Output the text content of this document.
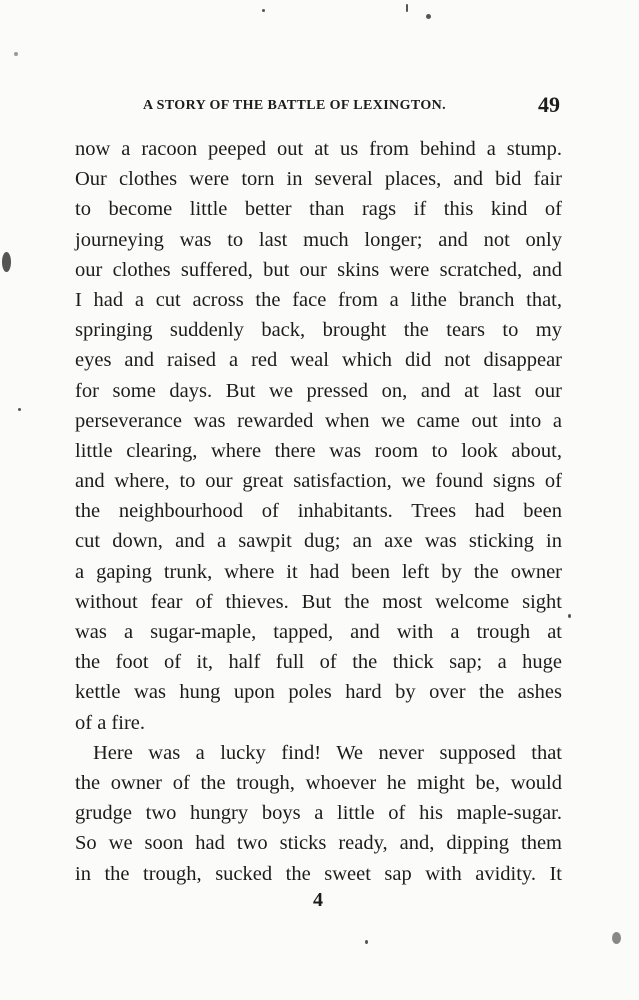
A STORY OF THE BATTLE OF LEXINGTON.	49
now a racoon peeped out at us from behind a stump.
Our clothes were torn in several places, and bid fair
to become little better than rags if this kind of
journeying was to last much longer; and not only
our clothes suffered, but our skins were scratched, and
I had a cut across the face from a lithe branch that,
springing suddenly back, brought the tears to my
eyes and raised a red weal which did not disappear
for some days. But we pressed on, and at last our
perseverance was rewarded when we came out into a
little clearing, where there was room to look about,
and where, to our great satisfaction, we found signs of
the neighbourhood of inhabitants. Trees had been
cut down, and a sawpit dug; an axe was sticking in
a gaping trunk, where it had been left by the owner
without fear of thieves. But the most welcome sight
was a sugar-maple, tapped, and with a trough at
the foot of it, half full of the thick sap; a huge
kettle was hung upon poles hard by over the ashes
of a fire.
Here was a lucky find! We never supposed that
the owner of the trough, whoever he might be, would
grudge two hungry boys a little of his maple-sugar.
So we soon had two sticks ready, and, dipping them
in the trough, sucked the sweet sap with avidity. It
4
